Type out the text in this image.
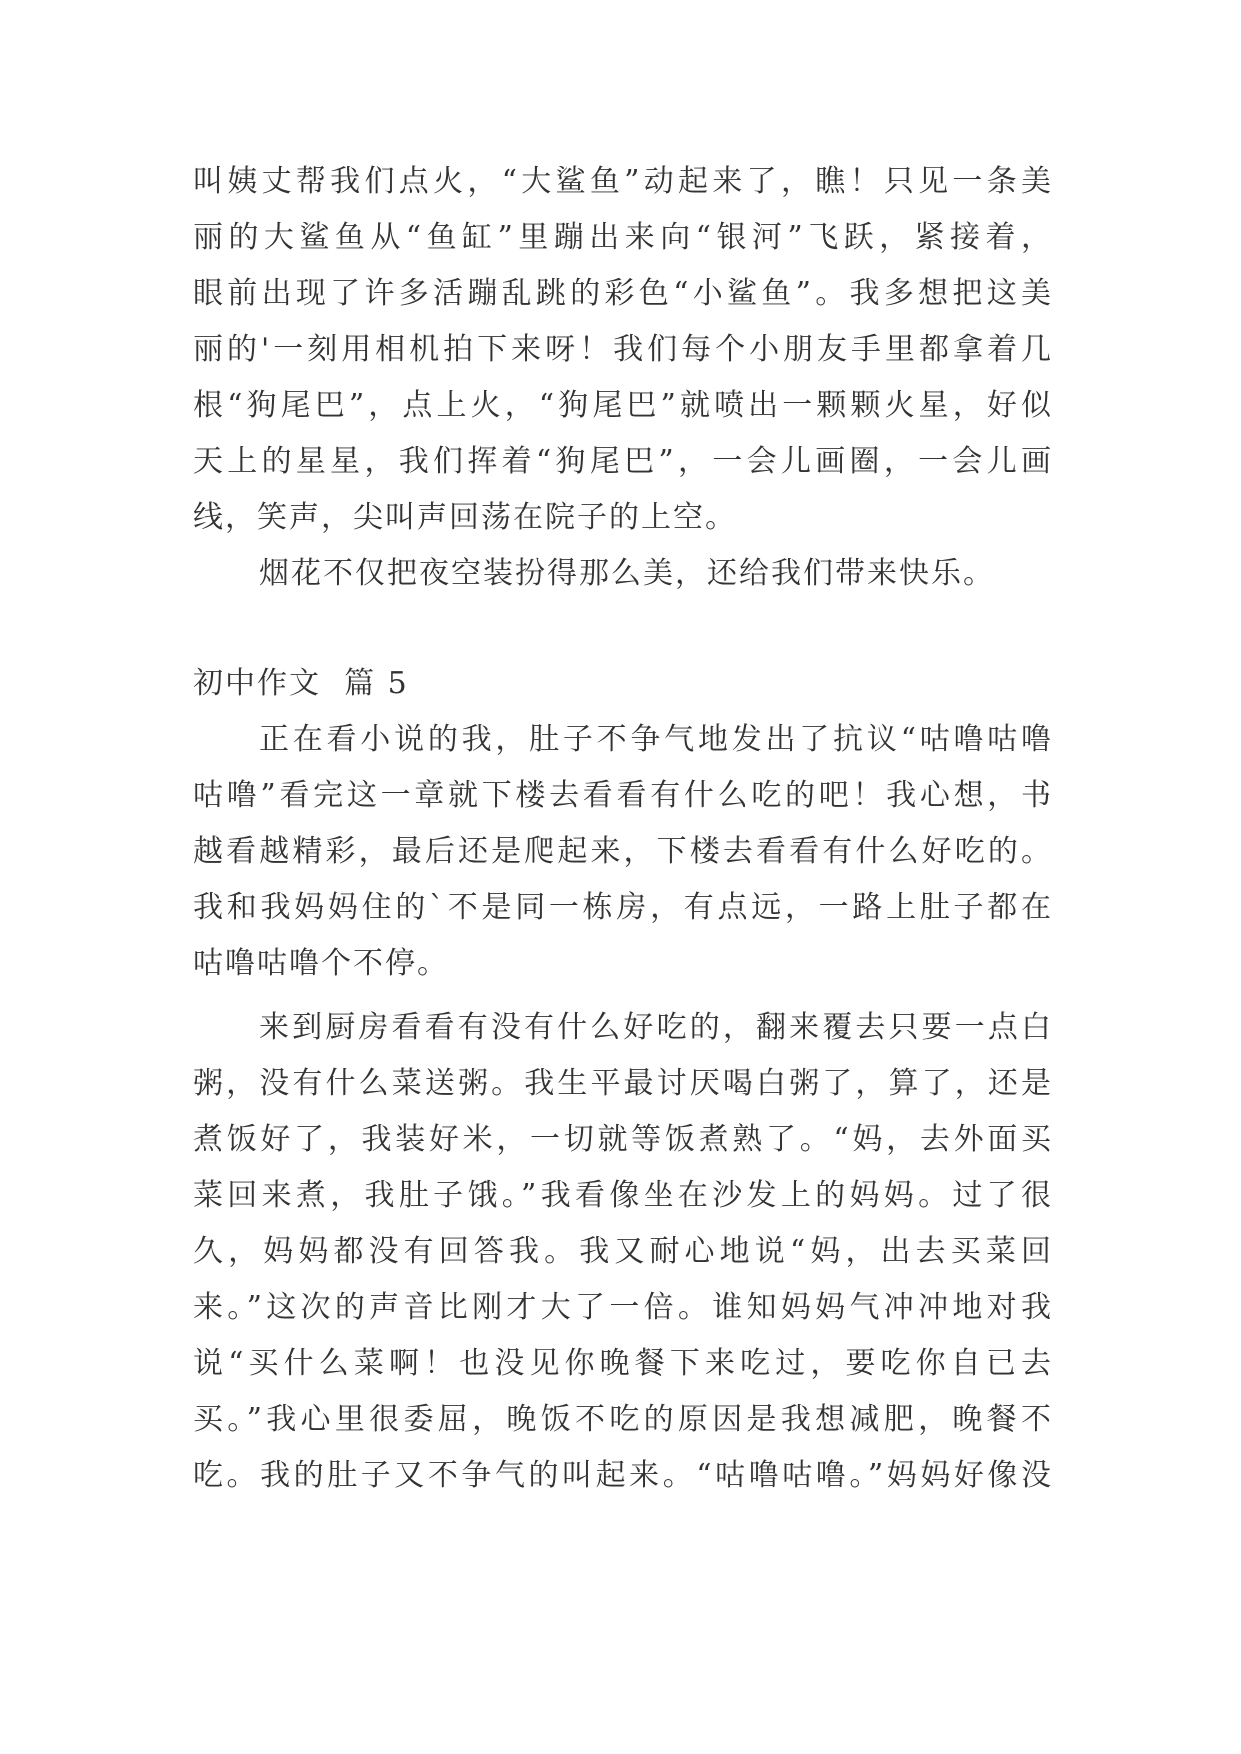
叫姨丈帮我们点火，“大鲨鱼”动起来了，瞧！只见一条美

丽的大鲨鱼从“鱼缸”里蹦出来向“银河”飞跃，紧接着，

眼前出现了许多活蹦乱跳的彩色“小鲨鱼”。我多想把这美

丽的'一刻用相机拍下来呀！我们每个小朋友手里都拿着几

根“狗尾巴”，点上火，“狗尾巴”就喷出一颗颗火星，好似

天上的星星，我们挥着“狗尾巴”，一会儿画圈，一会儿画

线，笑声，尖叫声回荡在院子的上空。

烟花不仅把夜空装扮得那么美，还给我们带来快乐。

初中作文  篇 5

正在看小说的我，肚子不争气地发出了抗议“咕噜咕噜

咕噜”看完这一章就下楼去看看有什么吃的吧！我心想，书

越看越精彩，最后还是爬起来，下楼去看看有什么好吃的。

我和我妈妈住的`不是同一栋房，有点远，一路上肚子都在

咕噜咕噜个不停。

来到厨房看看有没有什么好吃的，翻来覆去只要一点白

粥，没有什么菜送粥。我生平最讨厌喝白粥了，算了，还是

煮饭好了，我装好米，一切就等饭煮熟了。“妈，去外面买

菜回来煮，我肚子饿。”我看像坐在沙发上的妈妈。过了很

久，妈妈都没有回答我。我又耐心地说“妈，出去买菜回

来。”这次的声音比刚才大了一倍。谁知妈妈气冲冲地对我

说“买什么菜啊！也没见你晚餐下来吃过，要吃你自已去

买。”我心里很委屈，晚饭不吃的原因是我想减肥，晚餐不

吃。我的肚子又不争气的叫起来。“咕噜咕噜。”妈妈好像没
